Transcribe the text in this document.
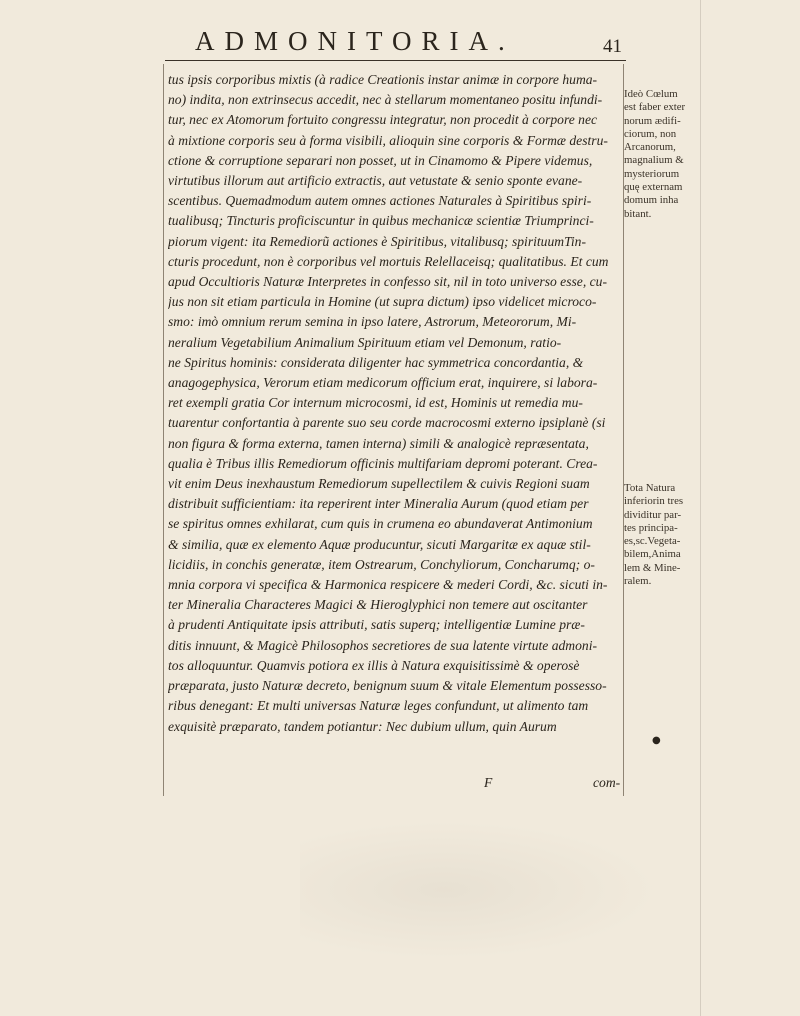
ADMONITORIA.	41
tus ipsis corporibus mixtis (à radice Creationis instar animæ in corpore huma-
no) indita, non extrinsecus accedit, nec à stellarum momentaneo positu infundi-
tur, nec ex Atomorum fortuito congressu integratur, non procedit à corpore nec
à mixtione corporis seu à forma visibili, alioquin sine corporis & Formæ destru-
ctione & corruptione separari non posset, ut in Cinamomo & Pipere videmus,
virtutibus illorum aut artificio extractis, aut vetustate & senio sponte evane-
scentibus. Quemadmodum autem omnes actiones Naturales à Spiritibus spiri-
tualibusq; Tincturis proficiscuntur in quibus mechanicæ scientiæ Triumprinci-
piorum vigent: ita Remediorũ actiones è Spiritibus, vitalibusq; spirituumTin-
cturis procedunt, non è corporibus vel mortuis Relellaceisq; qualitatibus. Et cum
apud Occultioris Naturæ Interpretes in confesso sit, nil in toto universo esse, cu-
jus non sit etiam particula in Homine (ut supra dictum) ipso videlicet microco-
smo: imò omnium rerum semina in ipso latere, Astrorum, Meteororum, Mi-
neralium Vegetabilium Animalium Spirituum etiam vel Demonum, ratio-
ne Spiritus hominis: considerata diligenter hac symmetrica concordantia, &
anagogephysica, Verorum etiam medicorum officium erat, inquirere, si labora-
ret exempli gratia Cor internum microcosmi, id est, Hominis ut remedia mu-
tuarentur confortantia à parente suo seu corde macrocosmi externo ipsiplanè (si
non figura & forma externa, tamen interna) simili & analogicè repræsentata,
qualia è Tribus illis Remediorum officinis multifariam depromi poterant. Crea-
vit enim Deus inexhaustum Remediorum supellectilem & cuivis Regioni suam
distribuit sufficientiam: ita reperirent inter Mineralia Aurum (quod etiam per
se spiritus omnes exhilarat, cum quis in crumena eo abundaverat Antimonium
& similia, quæ ex elemento Aquæ producuntur, sicuti Margaritæ ex aquæ stil-
licidiis, in conchis generatæ, item Ostrearum, Conchyliorum, Concharumq; o-
mnia corpora vi specifica & Harmonica respicere & mederi Cordi, &c. sicuti in-
ter Mineralia Characteres Magici & Hieroglyphici non temere aut oscitanter
à prudenti Antiquitate ipsis attributi, satis superq; intelligentiæ Lumine præ-
ditis innuunt, & Magicè Philosophos secretiores de sua latente virtute admoni-
tos alloquuntur. Quamvis potiora ex illis à Natura exquisitissimè & operosè
præparata, justo Naturæ decreto, benignum suum & vitale Elementum possesso-
ribus denegant: Et multi universas Naturæ leges confundunt, ut alimento tam
exquisitè præparato, tandem potiantur: Nec dubium ullum, quin Aurum
Ideò Cœlum
est faber exter
norum ædifi-
ciorum, non
Arcanorum,
magnalium &
mysteriorum
quę externam
domum inha
bitant.
Tota Natura
inferiorin tres
dividitur par-
tes principa-
es,sc.Vegeta-
bilem,Anima
lem & Mine-
ralem.
●
F	com-
